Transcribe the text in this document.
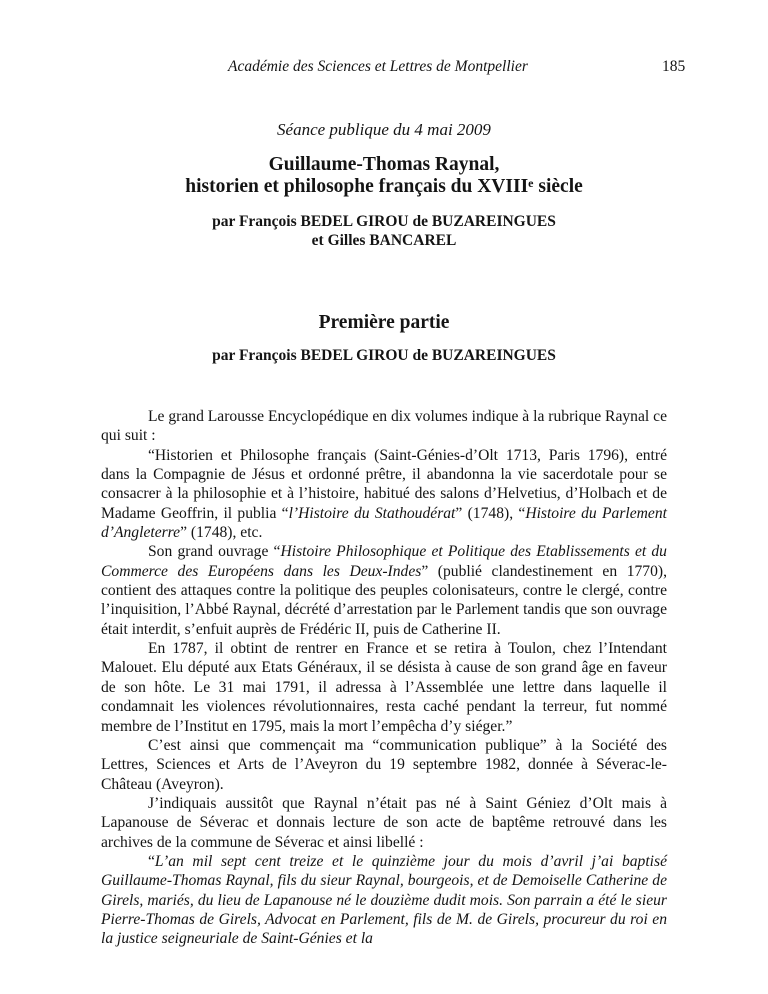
Académie des Sciences et Lettres de Montpellier	185
Séance publique du 4 mai 2009
Guillaume-Thomas Raynal,
historien et philosophe français du XVIIIe siècle
par François BEDEL GIROU de BUZAREINGUES
et Gilles BANCAREL
Première partie
par François BEDEL GIROU de BUZAREINGUES

Le grand Larousse Encyclopédique en dix volumes indique à la rubrique Raynal ce qui suit :

“Historien et Philosophe français (Saint-Génies-d’Olt 1713, Paris 1796), entré dans la Compagnie de Jésus et ordonné prêtre, il abandonna la vie sacerdotale pour se consacrer à la philosophie et à l’histoire, habitué des salons d’Helvetius, d’Holbach et de Madame Geoffrin, il publia “l’Histoire du Stathoudérat” (1748), “Histoire du Parlement d’Angleterre” (1748), etc.

Son grand ouvrage “Histoire Philosophique et Politique des Etablissements et du Commerce des Européens dans les Deux-Indes” (publié clandestinement en 1770), contient des attaques contre la politique des peuples colonisateurs, contre le clergé, contre l’inquisition, l’Abbé Raynal, décrété d’arrestation par le Parlement tandis que son ouvrage était interdit, s’enfuit auprès de Frédéric II, puis de Catherine II.

En 1787, il obtint de rentrer en France et se retira à Toulon, chez l’Intendant Malouet. Elu député aux Etats Généraux, il se désista à cause de son grand âge en faveur de son hôte. Le 31 mai 1791, il adressa à l’Assemblée une lettre dans laquelle il condamnait les violences révolutionnaires, resta caché pendant la terreur, fut nommé membre de l’Institut en 1795, mais la mort l’empêcha d’y siéger.”

C’est ainsi que commençait ma “communication publique” à la Société des Lettres, Sciences et Arts de l’Aveyron du 19 septembre 1982, donnée à Séverac-le-Château (Aveyron).

J’indiquais aussitôt que Raynal n’était pas né à Saint Géniez d’Olt mais à Lapanouse de Séverac et donnais lecture de son acte de baptême retrouvé dans les archives de la commune de Séverac et ainsi libellé :

“L’an mil sept cent treize et le quinzième jour du mois d’avril j’ai baptisé Guillaume-Thomas Raynal, fils du sieur Raynal, bourgeois, et de Demoiselle Catherine de Girels, mariés, du lieu de Lapanouse né le douzième dudit mois. Son parrain a été le sieur Pierre-Thomas de Girels, Advocat en Parlement, fils de M. de Girels, procureur du roi en la justice seigneuriale de Saint-Génies et la
